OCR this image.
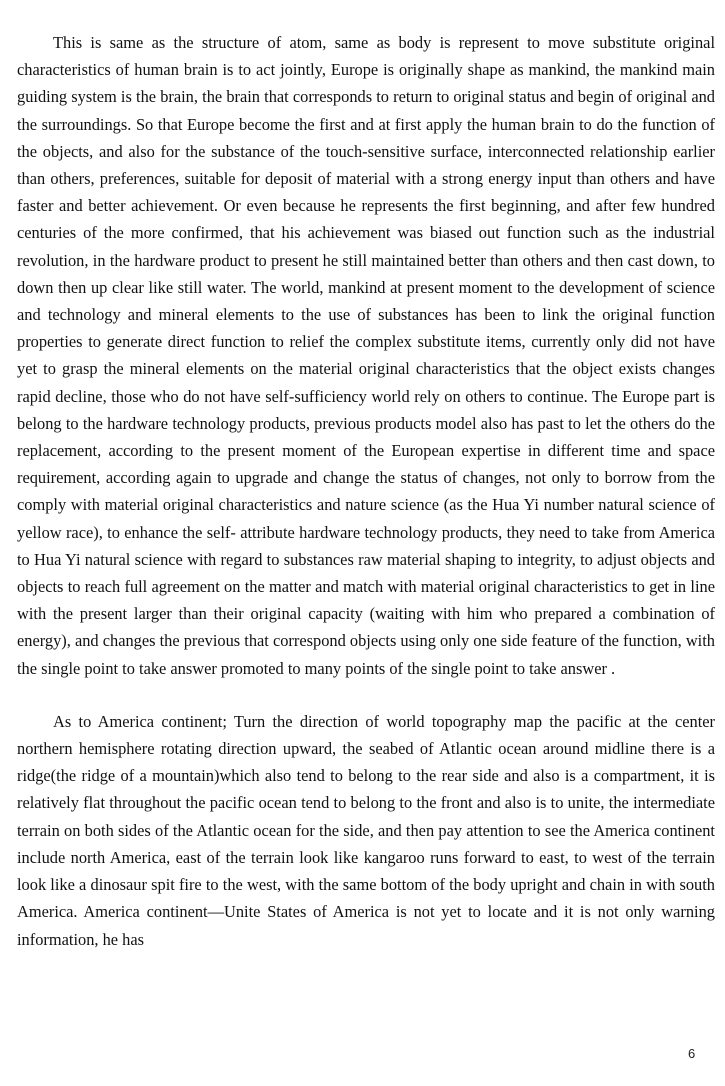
This is same as the structure of atom, same as body is represent to move substitute original characteristics of human brain is to act jointly, Europe is originally shape as mankind, the mankind main guiding system is the brain, the brain that corresponds to return to original status and begin of original and the surroundings. So that Europe become the first and at first apply the human brain to do the function of the objects, and also for the substance of the touch-sensitive surface, interconnected relationship earlier than others, preferences, suitable for deposit of material with a strong energy input than others and have faster and better achievement. Or even because he represents the first beginning, and after few hundred centuries of the more confirmed, that his achievement was biased out function such as the industrial revolution, in the hardware product to present he still maintained better than others and then cast down, to down then up clear like still water. The world, mankind at present moment to the development of science and technology and mineral elements to the use of substances has been to link the original function properties to generate direct function to relief the complex substitute items, currently only did not have yet to grasp the mineral elements on the material original characteristics that the object exists changes rapid decline, those who do not have self-sufficiency world rely on others to continue. The Europe part is belong to the hardware technology products, previous products model also has past to let the others do the replacement, according to the present moment of the European expertise in different time and space requirement, according again to upgrade and change the status of changes, not only to borrow from the comply with material original characteristics and nature science (as the Hua Yi number natural science of yellow race), to enhance the self- attribute hardware technology products, they need to take from America to Hua Yi natural science with regard to substances raw material shaping to integrity, to adjust objects and objects to reach full agreement on the matter and match with material original characteristics to get in line with the present larger than their original capacity (waiting with him who prepared a combination of energy), and changes the previous that correspond objects using only one side feature of the function, with the single point to take answer promoted to many points of the single point to take answer .

As to America continent; Turn the direction of world topography map the pacific at the center northern hemisphere rotating direction upward, the seabed of Atlantic ocean around midline there is a ridge(the ridge of a mountain)which also tend to belong to the rear side and also is a compartment, it is relatively flat throughout the pacific ocean tend to belong to the front and also is to unite, the intermediate terrain on both sides of the Atlantic ocean for the side, and then pay attention to see the America continent include north America, east of the terrain look like kangaroo runs forward to east, to west of the terrain look like a dinosaur spit fire to the west, with the same bottom of the body upright and chain in with south America. America continent—Unite States of America is not yet to locate and it is not only warning information, he has

6
